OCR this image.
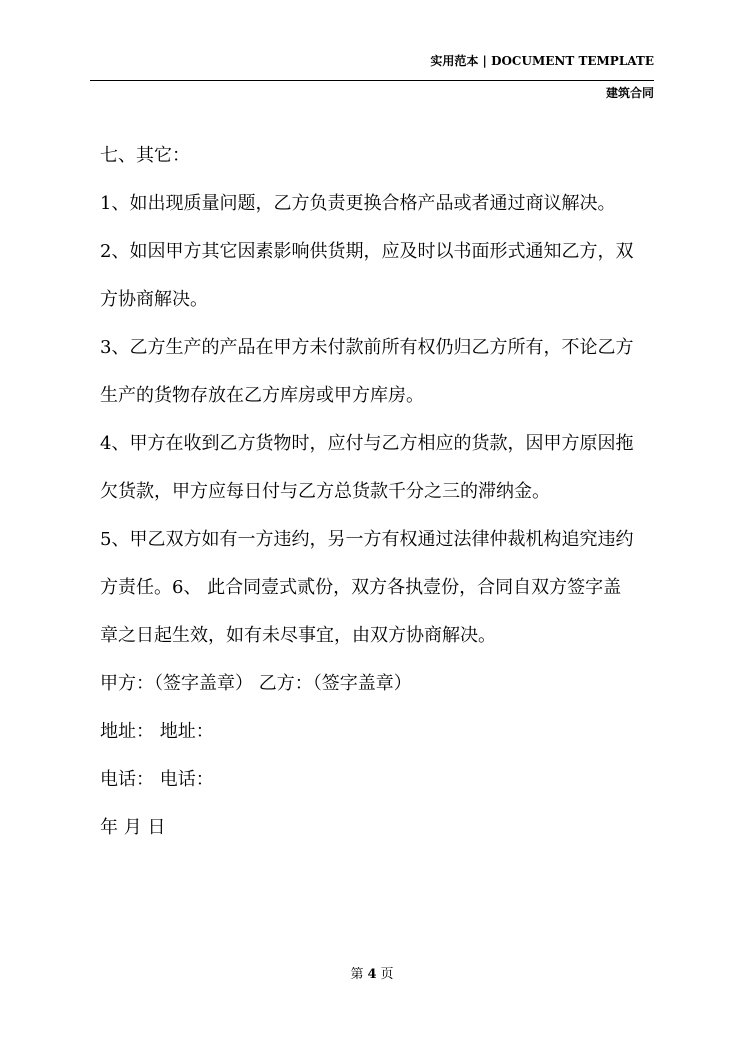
实用范本 | DOCUMENT TEMPLATE
建筑合同

七、其它：

1、如出现质量问题，乙方负责更换合格产品或者通过商议解决。

2、如因甲方其它因素影响供货期，应及时以书面形式通知乙方，双

方协商解决。

3、乙方生产的产品在甲方未付款前所有权仍归乙方所有，不论乙方

生产的货物存放在乙方库房或甲方库房。

4、甲方在收到乙方货物时，应付与乙方相应的货款，因甲方原因拖

欠货款，甲方应每日付与乙方总货款千分之三的滞纳金。

5、甲乙双方如有一方违约，另一方有权通过法律仲裁机构追究违约

方责任。6、 此合同壹式贰份，双方各执壹份，合同自双方签字盖

章之日起生效，如有未尽事宜，由双方协商解决。

甲方：（签字盖章） 乙方：（签字盖章）

地址： 地址：

电话： 电话：

年 月 日

第 4 页
